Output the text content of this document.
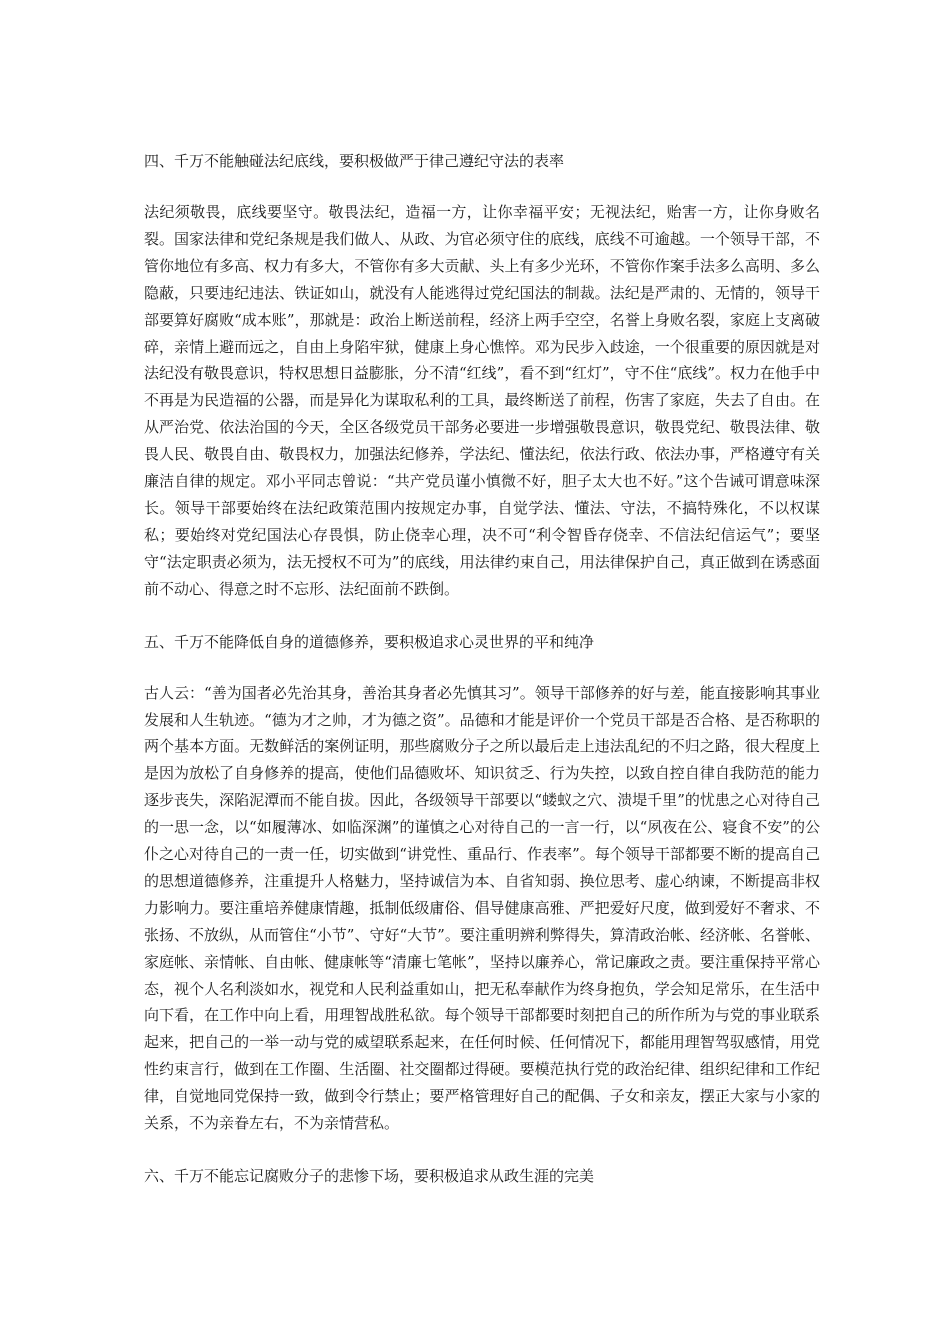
四、千万不能触碰法纪底线，要积极做严于律己遵纪守法的表率

法纪须敬畏，底线要坚守。敬畏法纪，造福一方，让你幸福平安；无视法纪，贻害一方，让你身败名裂。国家法律和党纪条规是我们做人、从政、为官必须守住的底线，底线不可逾越。一个领导干部，不管你地位有多高、权力有多大，不管你有多大贡献、头上有多少光环，不管你作案手法多么高明、多么隐蔽，只要违纪违法、铁证如山，就没有人能逃得过党纪国法的制裁。法纪是严肃的、无情的，领导干部要算好腐败“成本账”，那就是：政治上断送前程，经济上两手空空，名誉上身败名裂，家庭上支离破碎，亲情上避而远之，自由上身陷牢狱，健康上身心憔悴。邓为民步入歧途，一个很重要的原因就是对法纪没有敬畏意识，特权思想日益膨胀，分不清“红线”，看不到“红灯”，守不住“底线”。权力在他手中不再是为民造福的公器，而是异化为谋取私利的工具，最终断送了前程，伤害了家庭，失去了自由。在从严治党、依法治国的今天，全区各级党员干部务必要进一步增强敬畏意识，敬畏党纪、敬畏法律、敬畏人民、敬畏自由、敬畏权力，加强法纪修养，学法纪、懂法纪，依法行政、依法办事，严格遵守有关廉洁自律的规定。邓小平同志曾说：“共产党员谨小慎微不好，胆子太大也不好。”这个告诫可谓意味深长。领导干部要始终在法纪政策范围内按规定办事，自觉学法、懂法、守法，不搞特殊化，不以权谋私；要始终对党纪国法心存畏惧，防止侥幸心理，决不可“利令智昏存侥幸、不信法纪信运气”；要坚守“法定职责必须为，法无授权不可为”的底线，用法律约束自己，用法律保护自己，真正做到在诱惑面前不动心、得意之时不忘形、法纪面前不跌倒。

五、千万不能降低自身的道德修养，要积极追求心灵世界的平和纯净

古人云：“善为国者必先治其身，善治其身者必先慎其习”。领导干部修养的好与差，能直接影响其事业发展和人生轨迹。“德为才之帅，才为德之资”。品德和才能是评价一个党员干部是否合格、是否称职的两个基本方面。无数鲜活的案例证明，那些腐败分子之所以最后走上违法乱纪的不归之路，很大程度上是因为放松了自身修养的提高，使他们品德败坏、知识贫乏、行为失控，以致自控自律自我防范的能力逐步丧失，深陷泥潭而不能自拔。因此，各级领导干部要以“蝼蚁之穴、溃堤千里”的忧患之心对待自己的一思一念，以“如履薄冰、如临深渊”的谨慎之心对待自己的一言一行，以“夙夜在公、寝食不安”的公仆之心对待自己的一责一任，切实做到“讲党性、重品行、作表率”。每个领导干部都要不断的提高自己的思想道德修养，注重提升人格魅力，坚持诚信为本、自省知弱、换位思考、虚心纳谏，不断提高非权力影响力。要注重培养健康情趣，抵制低级庸俗、倡导健康高雅、严把爱好尺度，做到爱好不奢求、不张扬、不放纵，从而管住“小节”、守好“大节”。要注重明辨利弊得失，算清政治帐、经济帐、名誉帐、家庭帐、亲情帐、自由帐、健康帐等“清廉七笔帐”，坚持以廉养心，常记廉政之责。要注重保持平常心态，视个人名利淡如水，视党和人民利益重如山，把无私奉献作为终身抱负，学会知足常乐，在生活中向下看，在工作中向上看，用理智战胜私欲。每个领导干部都要时刻把自己的所作所为与党的事业联系起来，把自己的一举一动与党的威望联系起来，在任何时候、任何情况下，都能用理智驾驭感情，用党性约束言行，做到在工作圈、生活圈、社交圈都过得硬。要模范执行党的政治纪律、组织纪律和工作纪律，自觉地同党保持一致，做到令行禁止；要严格管理好自己的配偶、子女和亲友，摆正大家与小家的关系，不为亲眷左右，不为亲情营私。

六、千万不能忘记腐败分子的悲惨下场，要积极追求从政生涯的完美
